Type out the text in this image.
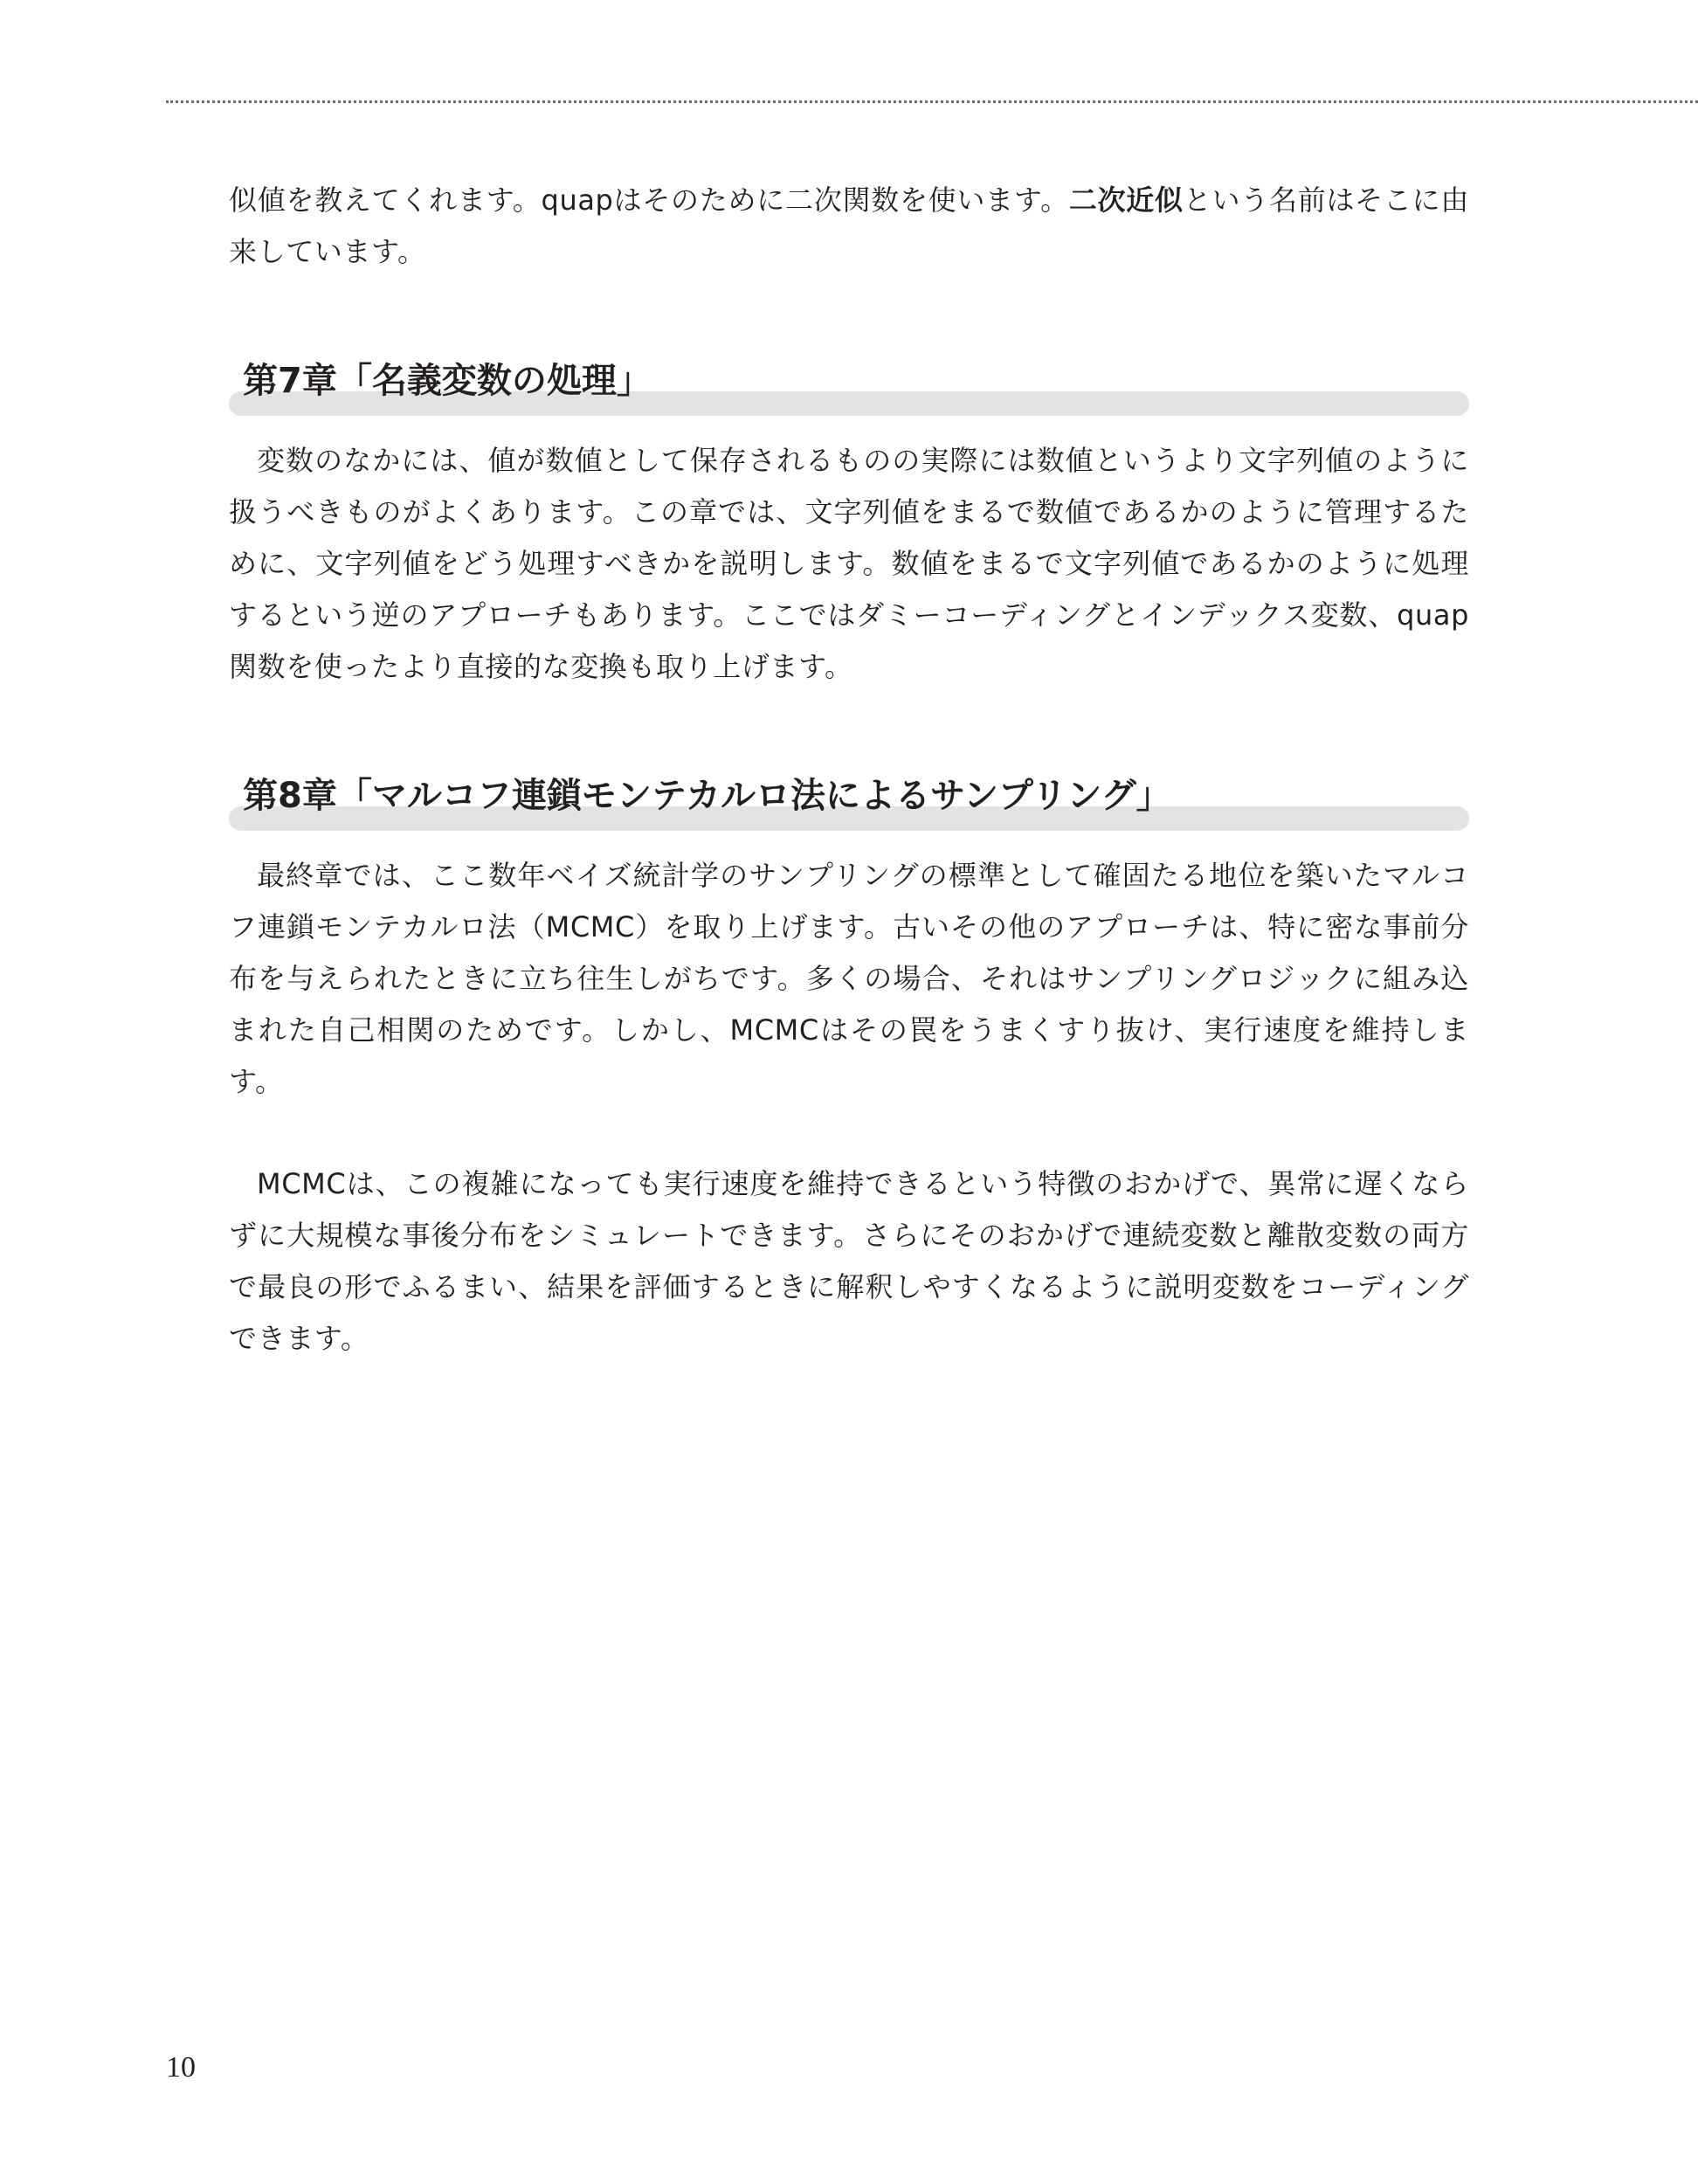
似値を教えてくれます。quapはそのために二次関数を使います。二次近似という名前はそこに由来しています。

第7章「名義変数の処理」

変数のなかには、値が数値として保存されるものの実際には数値というより文字列値のように扱うべきものがよくあります。この章では、文字列値をまるで数値であるかのように管理するために、文字列値をどう処理すべきかを説明します。数値をまるで文字列値であるかのように処理するという逆のアプローチもあります。ここではダミーコーディングとインデックス変数、quap関数を使ったより直接的な変換も取り上げます。

第8章「マルコフ連鎖モンテカルロ法によるサンプリング」

最終章では、ここ数年ベイズ統計学のサンプリングの標準として確固たる地位を築いたマルコフ連鎖モンテカルロ法（MCMC）を取り上げます。古いその他のアプローチは、特に密な事前分布を与えられたときに立ち往生しがちです。多くの場合、それはサンプリングロジックに組み込まれた自己相関のためです。しかし、MCMCはその罠をうまくすり抜け、実行速度を維持します。

MCMCは、この複雑になっても実行速度を維持できるという特徴のおかげで、異常に遅くならずに大規模な事後分布をシミュレートできます。さらにそのおかげで連続変数と離散変数の両方で最良の形でふるまい、結果を評価するときに解釈しやすくなるように説明変数をコーディングできます。

10
